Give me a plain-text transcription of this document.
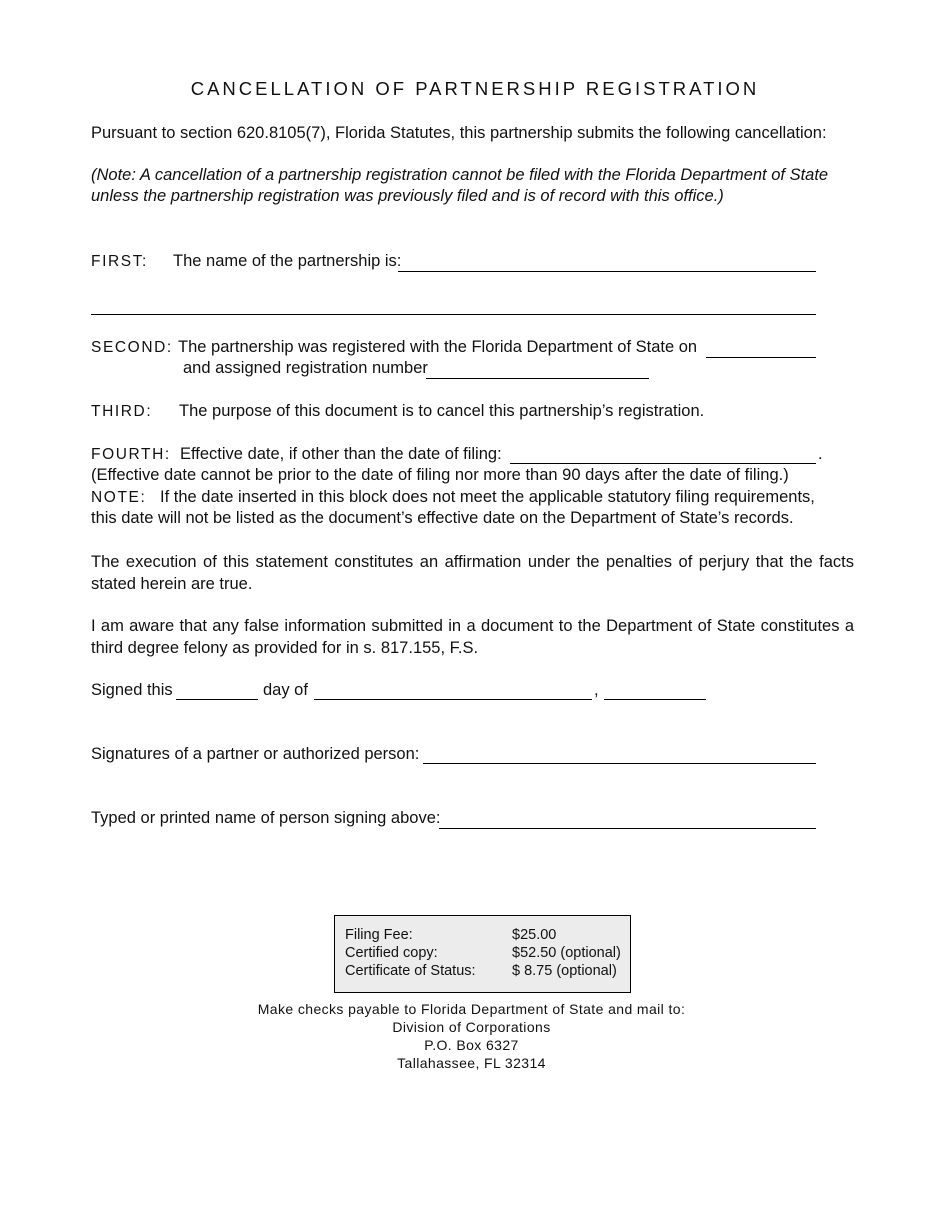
CANCELLATION OF PARTNERSHIP REGISTRATION
Pursuant to section 620.8105(7), Florida Statutes, this partnership submits the following cancellation:
(Note: A cancellation of a partnership registration cannot be filed with the Florida Department of State
unless the partnership registration was previously filed and is of record with this office.)
FIRST: The name of the partnership is:
SECOND: The partnership was registered with the Florida Department of State on
and assigned registration number
THIRD: The purpose of this document is to cancel this partnership’s registration.
FOURTH: Effective date, if other than the date of filing:	.
(Effective date cannot be prior to the date of filing nor more than 90 days after the date of filing.)
NOTE: If the date inserted in this block does not meet the applicable statutory filing requirements,
this date will not be listed as the document’s effective date on the Department of State’s records.
The execution of this statement constitutes an affirmation under the penalties of perjury that the facts stated herein are true.
I am aware that any false information submitted in a document to the Department of State constitutes a third degree felony as provided for in s. 817.155, F.S.
Signed this	day of	,
Signatures of a partner or authorized person:
Typed or printed name of person signing above:
Filing Fee:	$25.00
Certified copy:	$52.50 (optional)
Certificate of Status:	$ 8.75 (optional)
Make checks payable to Florida Department of State and mail to:
Division of Corporations
P.O. Box 6327
Tallahassee, FL 32314
